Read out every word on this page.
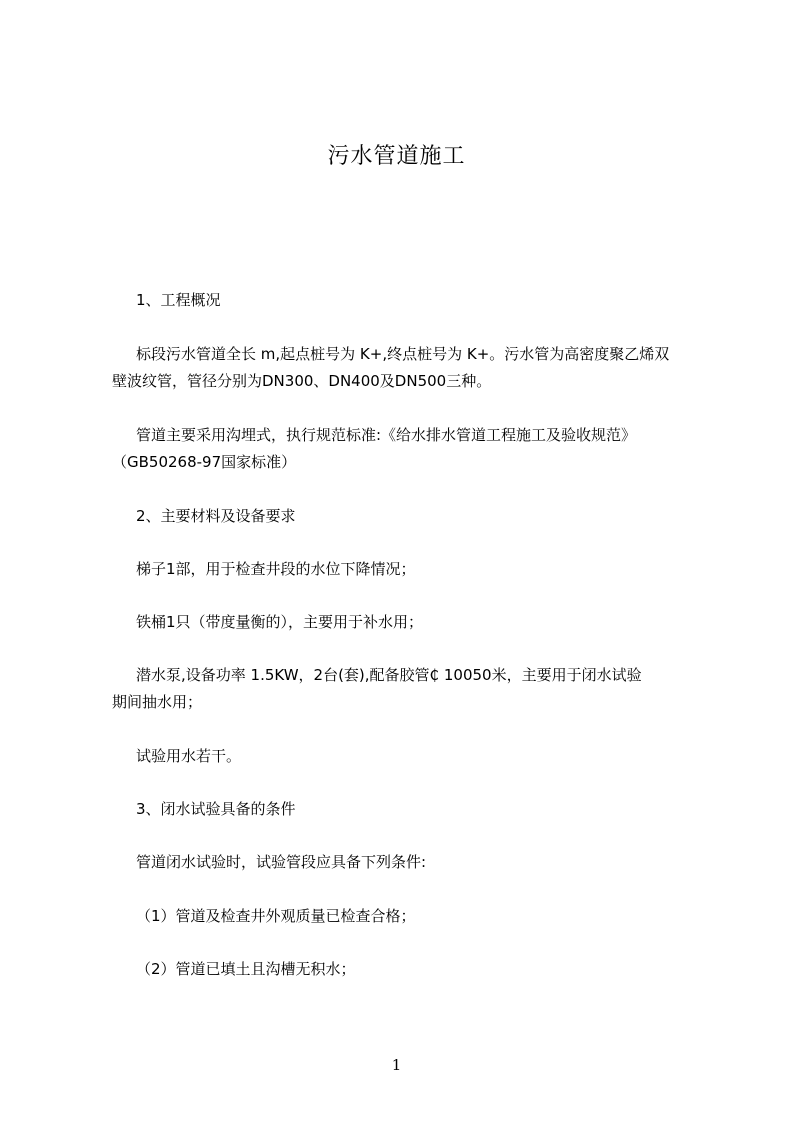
污水管道施工
1、工程概况
标段污水管道全长 m,起点桩号为 K+,终点桩号为 K+。污水管为高密度聚乙烯双
壁波纹管，管径分别为DN300、DN400及DN500三种。
管道主要采用沟埋式，执行规范标准:《给水排水管道工程施工及验收规范》
（GB50268-97国家标准）
2、主要材料及设备要求
梯子1部，用于检查井段的水位下降情况；
铁桶1只（带度量衡的），主要用于补水用；
潜水泵,设备功率 1.5KW，2台(套),配备胶管₵ 10050米，主要用于闭水试验
期间抽水用；
试验用水若干。
3、闭水试验具备的条件
管道闭水试验时，试验管段应具备下列条件:
（1）管道及检查井外观质量已检查合格；
（2）管道已填土且沟槽无积水；
1
